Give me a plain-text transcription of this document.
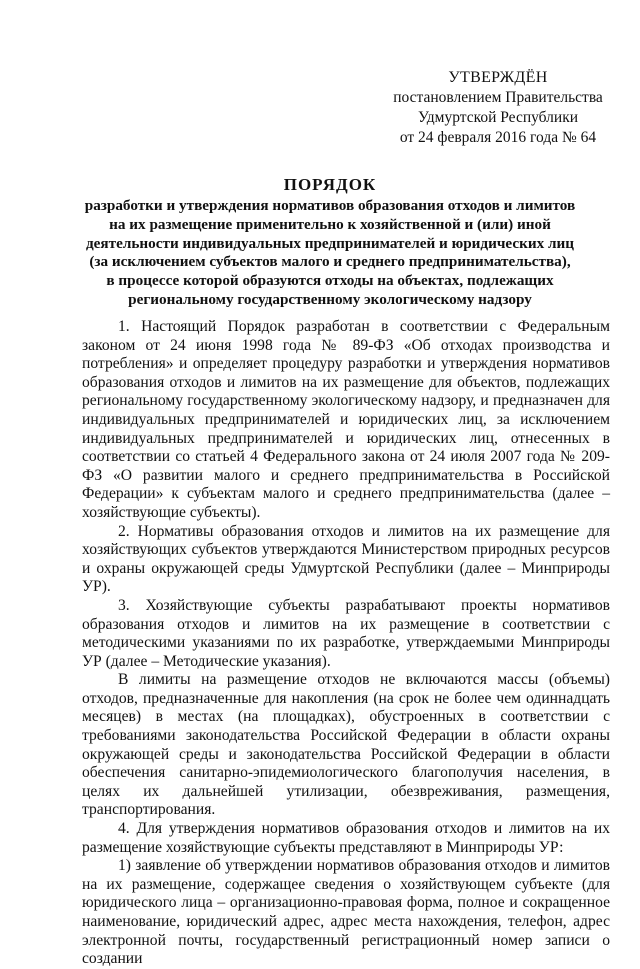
УТВЕРЖДЁН
постановлением Правительства
Удмуртской Республики
от 24 февраля 2016 года № 64
ПОРЯДОК
разработки и утверждения нормативов образования отходов и лимитов
на их размещение применительно к хозяйственной и (или) иной
деятельности индивидуальных предпринимателей и юридических лиц
(за исключением субъектов малого и среднего предпринимательства),
в процессе которой образуются отходы на объектах, подлежащих
региональному государственному экологическому надзору

1. Настоящий Порядок разработан в соответствии с Федеральным законом от 24 июня 1998 года № 89-ФЗ «Об отходах производства и потребления» и определяет процедуру разработки и утверждения нормативов образования отходов и лимитов на их размещение для объектов, подлежащих региональному государственному экологическому надзору, и предназначен для индивидуальных предпринимателей и юридических лиц, за исключением индивидуальных предпринимателей и юридических лиц, отнесенных в соответствии со статьей 4 Федерального закона от 24 июля 2007 года № 209-ФЗ «О развитии малого и среднего предпринимательства в Российской Федерации» к субъектам малого и среднего предпринимательства (далее – хозяйствующие субъекты).

2. Нормативы образования отходов и лимитов на их размещение для хозяйствующих субъектов утверждаются Министерством природных ресурсов и охраны окружающей среды Удмуртской Республики (далее – Минприроды УР).

3. Хозяйствующие субъекты разрабатывают проекты нормативов образования отходов и лимитов на их размещение в соответствии с методическими указаниями по их разработке, утверждаемыми Минприроды УР (далее – Методические указания).

В лимиты на размещение отходов не включаются массы (объемы) отходов, предназначенные для накопления (на срок не более чем одиннадцать месяцев) в местах (на площадках), обустроенных в соответствии с требованиями законодательства Российской Федерации в области охраны окружающей среды и законодательства Российской Федерации в области обеспечения санитарно-эпидемиологического благополучия населения, в целях их дальнейшей утилизации, обезвреживания, размещения, транспортирования.

4. Для утверждения нормативов образования отходов и лимитов на их размещение хозяйствующие субъекты представляют в Минприроды УР:

1) заявление об утверждении нормативов образования отходов и лимитов на их размещение, содержащее сведения о хозяйствующем субъекте (для юридического лица – организационно-правовая форма, полное и сокращенное наименование, юридический адрес, адрес места нахождения, телефон, адрес электронной почты, государственный регистрационный номер записи о создании
